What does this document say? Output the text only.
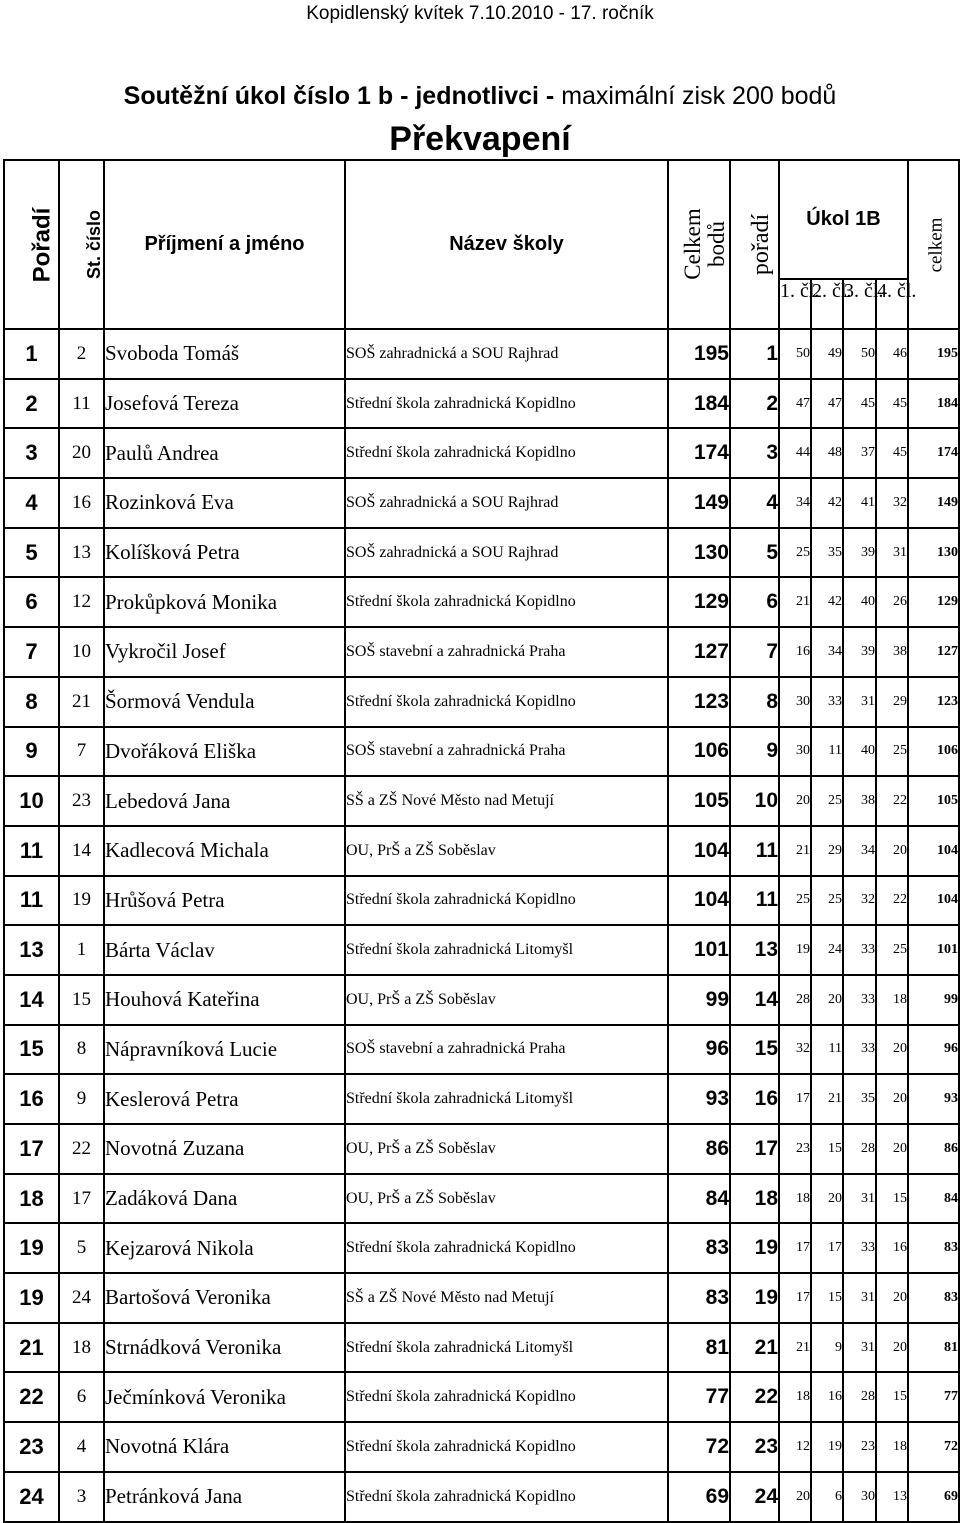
Kopidlenský kvítek 7.10.2010 - 17. ročník
Soutěžní úkol číslo 1 b - jednotlivci - maximální zisk 200 bodů
Překvapení
Pořadí	St. číslo	Příjmení a jméno	Název školy	Celkem
bodů	pořadí	Úkol 1B				celkem
						1. čl.	2. čl.	3. čl.	4. čl.	
1	2	Svoboda Tomáš	SOŠ zahradnická a SOU Rajhrad	195	1	50	49	50	46	195
2	11	Josefová Tereza	Střední škola zahradnická Kopidlno	184	2	47	47	45	45	184
3	20	Paulů Andrea	Střední škola zahradnická Kopidlno	174	3	44	48	37	45	174
4	16	Rozinková Eva	SOŠ zahradnická a SOU Rajhrad	149	4	34	42	41	32	149
5	13	Kolíšková Petra	SOŠ zahradnická a SOU Rajhrad	130	5	25	35	39	31	130
6	12	Prokůpková Monika	Střední škola zahradnická Kopidlno	129	6	21	42	40	26	129
7	10	Vykročil Josef	SOŠ stavební a zahradnická Praha	127	7	16	34	39	38	127
8	21	Šormová Vendula	Střední škola zahradnická Kopidlno	123	8	30	33	31	29	123
9	7	Dvořáková Eliška	SOŠ stavební a zahradnická Praha	106	9	30	11	40	25	106
10	23	Lebedová Jana	SŠ a ZŠ Nové Město nad Metují	105	10	20	25	38	22	105
11	14	Kadlecová Michala	OU, PrŠ a ZŠ Soběslav	104	11	21	29	34	20	104
11	19	Hrůšová Petra	Střední škola zahradnická Kopidlno	104	11	25	25	32	22	104
13	1	Bárta Václav	Střední škola zahradnická Litomyšl	101	13	19	24	33	25	101
14	15	Houhová Kateřina	OU, PrŠ a ZŠ Soběslav	99	14	28	20	33	18	99
15	8	Nápravníková Lucie	SOŠ stavební a zahradnická Praha	96	15	32	11	33	20	96
16	9	Keslerová Petra	Střední škola zahradnická Litomyšl	93	16	17	21	35	20	93
17	22	Novotná Zuzana	OU, PrŠ a ZŠ Soběslav	86	17	23	15	28	20	86
18	17	Zadáková Dana	OU, PrŠ a ZŠ Soběslav	84	18	18	20	31	15	84
19	5	Kejzarová Nikola	Střední škola zahradnická Kopidlno	83	19	17	17	33	16	83
19	24	Bartošová Veronika	SŠ a ZŠ Nové Město nad Metují	83	19	17	15	31	20	83
21	18	Strnádková Veronika	Střední škola zahradnická Litomyšl	81	21	21	9	31	20	81
22	6	Ječmínková Veronika	Střední škola zahradnická Kopidlno	77	22	18	16	28	15	77
23	4	Novotná Klára	Střední škola zahradnická Kopidlno	72	23	12	19	23	18	72
24	3	Petránková Jana	Střední škola zahradnická Kopidlno	69	24	20	6	30	13	69
